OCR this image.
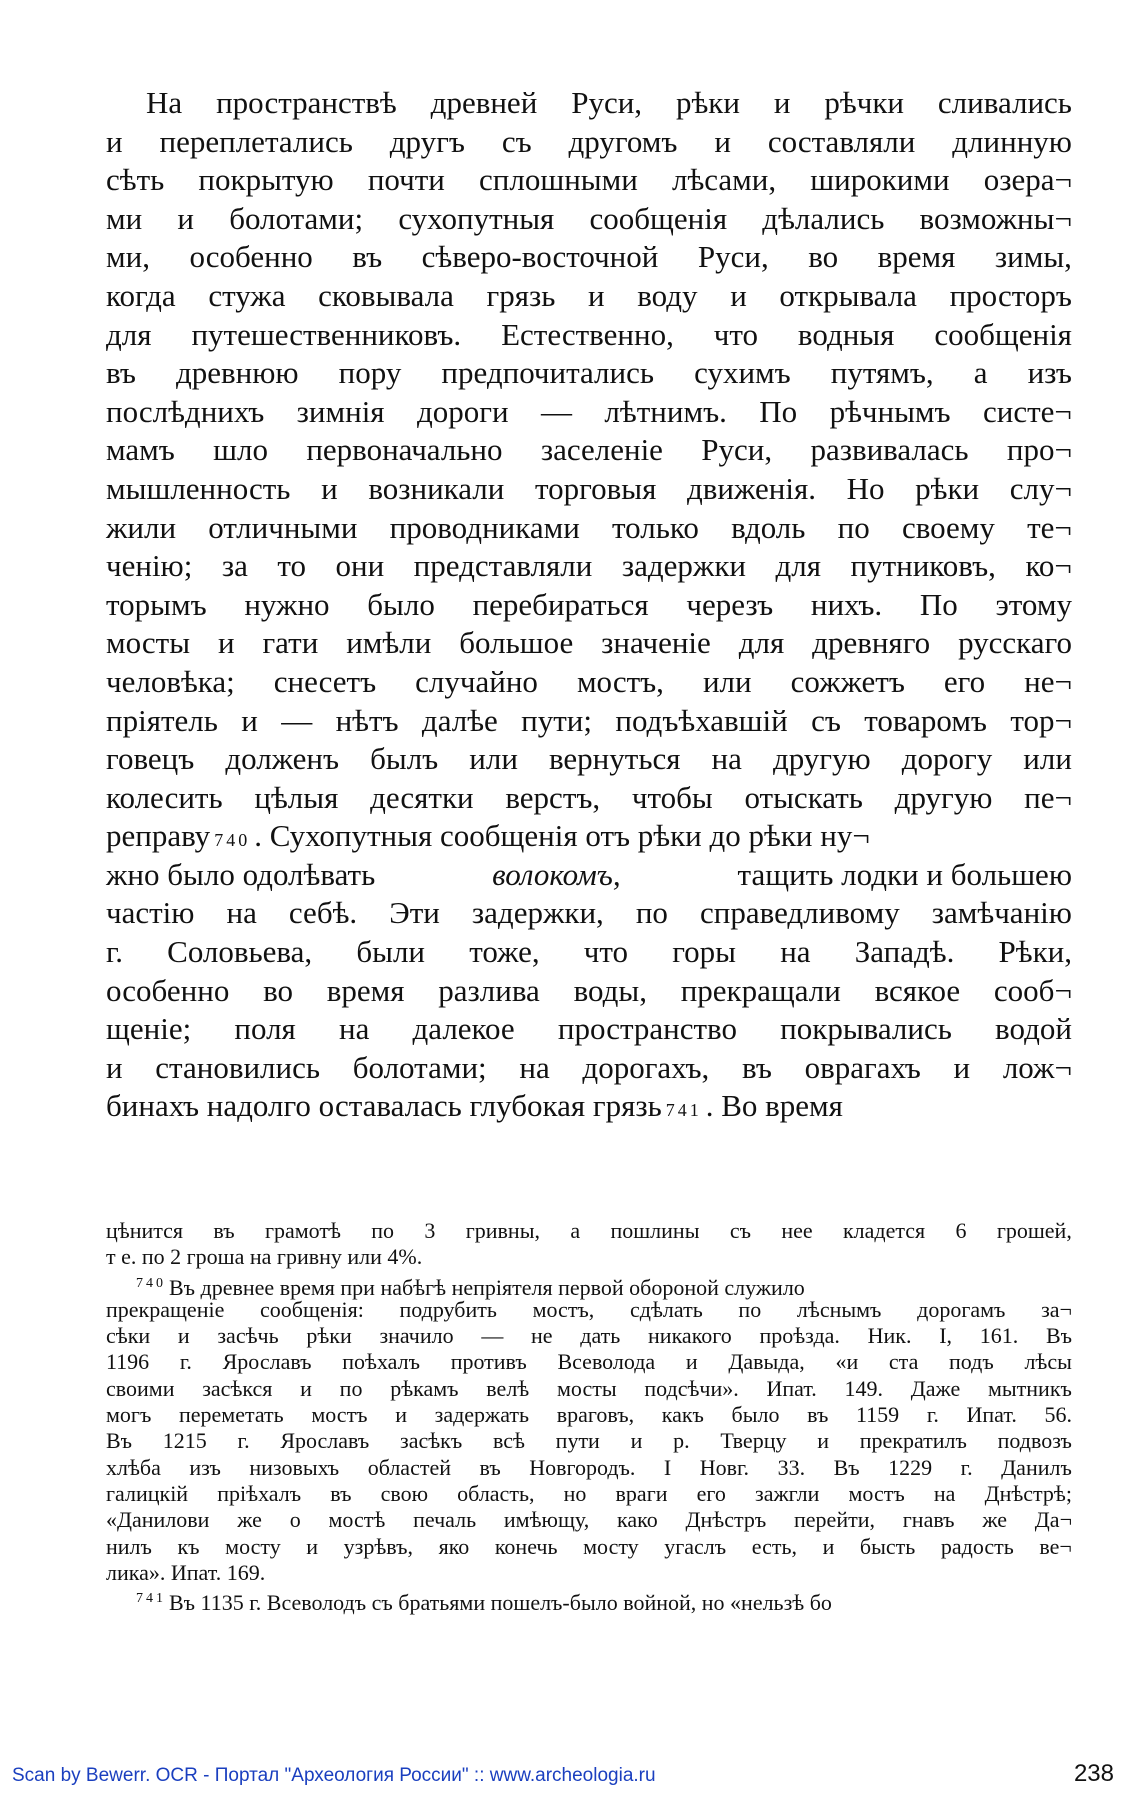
На пространствѣ древней Руси, рѣки и рѣчки сливались
и переплетались другъ съ другомъ и составляли длинную
сѣть покрытую почти сплошными лѣсами, широкими озера¬
ми и болотами; сухопутныя сообщенія дѣлались возможны¬
ми, особенно въ сѣверо-восточной Руси, во время зимы,
когда стужа сковывала грязь и воду и открывала просторъ
для путешественниковъ. Естественно, что водныя сообщенія
въ древнюю пору предпочитались сухимъ путямъ, а изъ
послѣднихъ зимнія дороги — лѣтнимъ. По рѣчнымъ систе¬
мамъ шло первоначально заселеніе Руси, развивалась про¬
мышленность и возникали торговыя движенія. Но рѣки слу¬
жили отличными проводниками только вдоль по своему те¬
ченію; за то они представляли задержки для путниковъ, ко¬
торымъ нужно было перебираться черезъ нихъ. По этому
мосты и гати имѣли большое значеніе для древняго русскаго
человѣка; снесетъ случайно мостъ, или сожжетъ его не¬
пріятель и — нѣтъ далѣе пути; подъѣхавшій съ товаромъ тор¬
говецъ долженъ былъ или вернуться на другую дорогу или
колесить цѣлыя десятки верстъ, чтобы отыскать другую пе¬
реправу 740 . Сухопутныя сообщенія отъ рѣки до рѣки ну¬
жно было одолѣвать	волокомъ,	тащить лодки и большею
частію на себѣ. Эти задержки, по справедливому замѣчанію
г. Соловьева, были тоже, что горы на Западѣ. Рѣки,
особенно во время разлива воды, прекращали всякое сооб¬
щеніе; поля на далекое пространство покрывались водой
и становились болотами; на дорогахъ, въ оврагахъ и лож¬
бинахъ надолго оставалась глубокая грязь 741 . Во время
цѣнится въ грамотѣ по 3 гривны, а пошлины съ нее кладется 6 грошей,
т е. по 2 гроша на гривну или 4%.
$^{740}$ Въ древнее время при набѣгѣ непріятеля первой обороной служило
прекращеніе сообщенія: подрубить мостъ, сдѣлать по лѣснымъ дорогамъ за¬
сѣки и засѣчь рѣки значило — не дать никакого проѣзда. Ник. I, 161. Въ
1196 г. Ярославъ поѣхалъ противъ Всеволода и Давыда, «и ста подъ лѣсы
своими засѣкся и по рѣкамъ велѣ мосты подсѣчи». Ипат. 149. Даже мытникъ
могъ переметать мостъ и задержать враговъ, какъ было въ 1159 г. Ипат. 56.
Въ 1215 г. Ярославъ засѣкъ всѣ пути и р. Тверцу и прекратилъ подвозъ
хлѣба изъ низовыхъ областей въ Новгородъ. I Новг. 33. Въ 1229 г. Данилъ
галицкій пріѣхалъ въ свою область, но враги его зажгли мостъ на Днѣстрѣ;
«Данилови же о мостѣ печаль имѣющу, како Днѣстръ перейти, гнавъ же Да¬
нилъ къ мосту и узрѣвъ, яко конечь мосту угаслъ есть, и бысть радость ве¬
лика». Ипат. 169.
$^{741}$ Въ 1135 г. Всеволодъ съ братьями пошелъ-было войной, но «нельзѣ бо
Scan by Bewerr. OCR - Портал "Археология России" :: www.archeologia.ru	238
